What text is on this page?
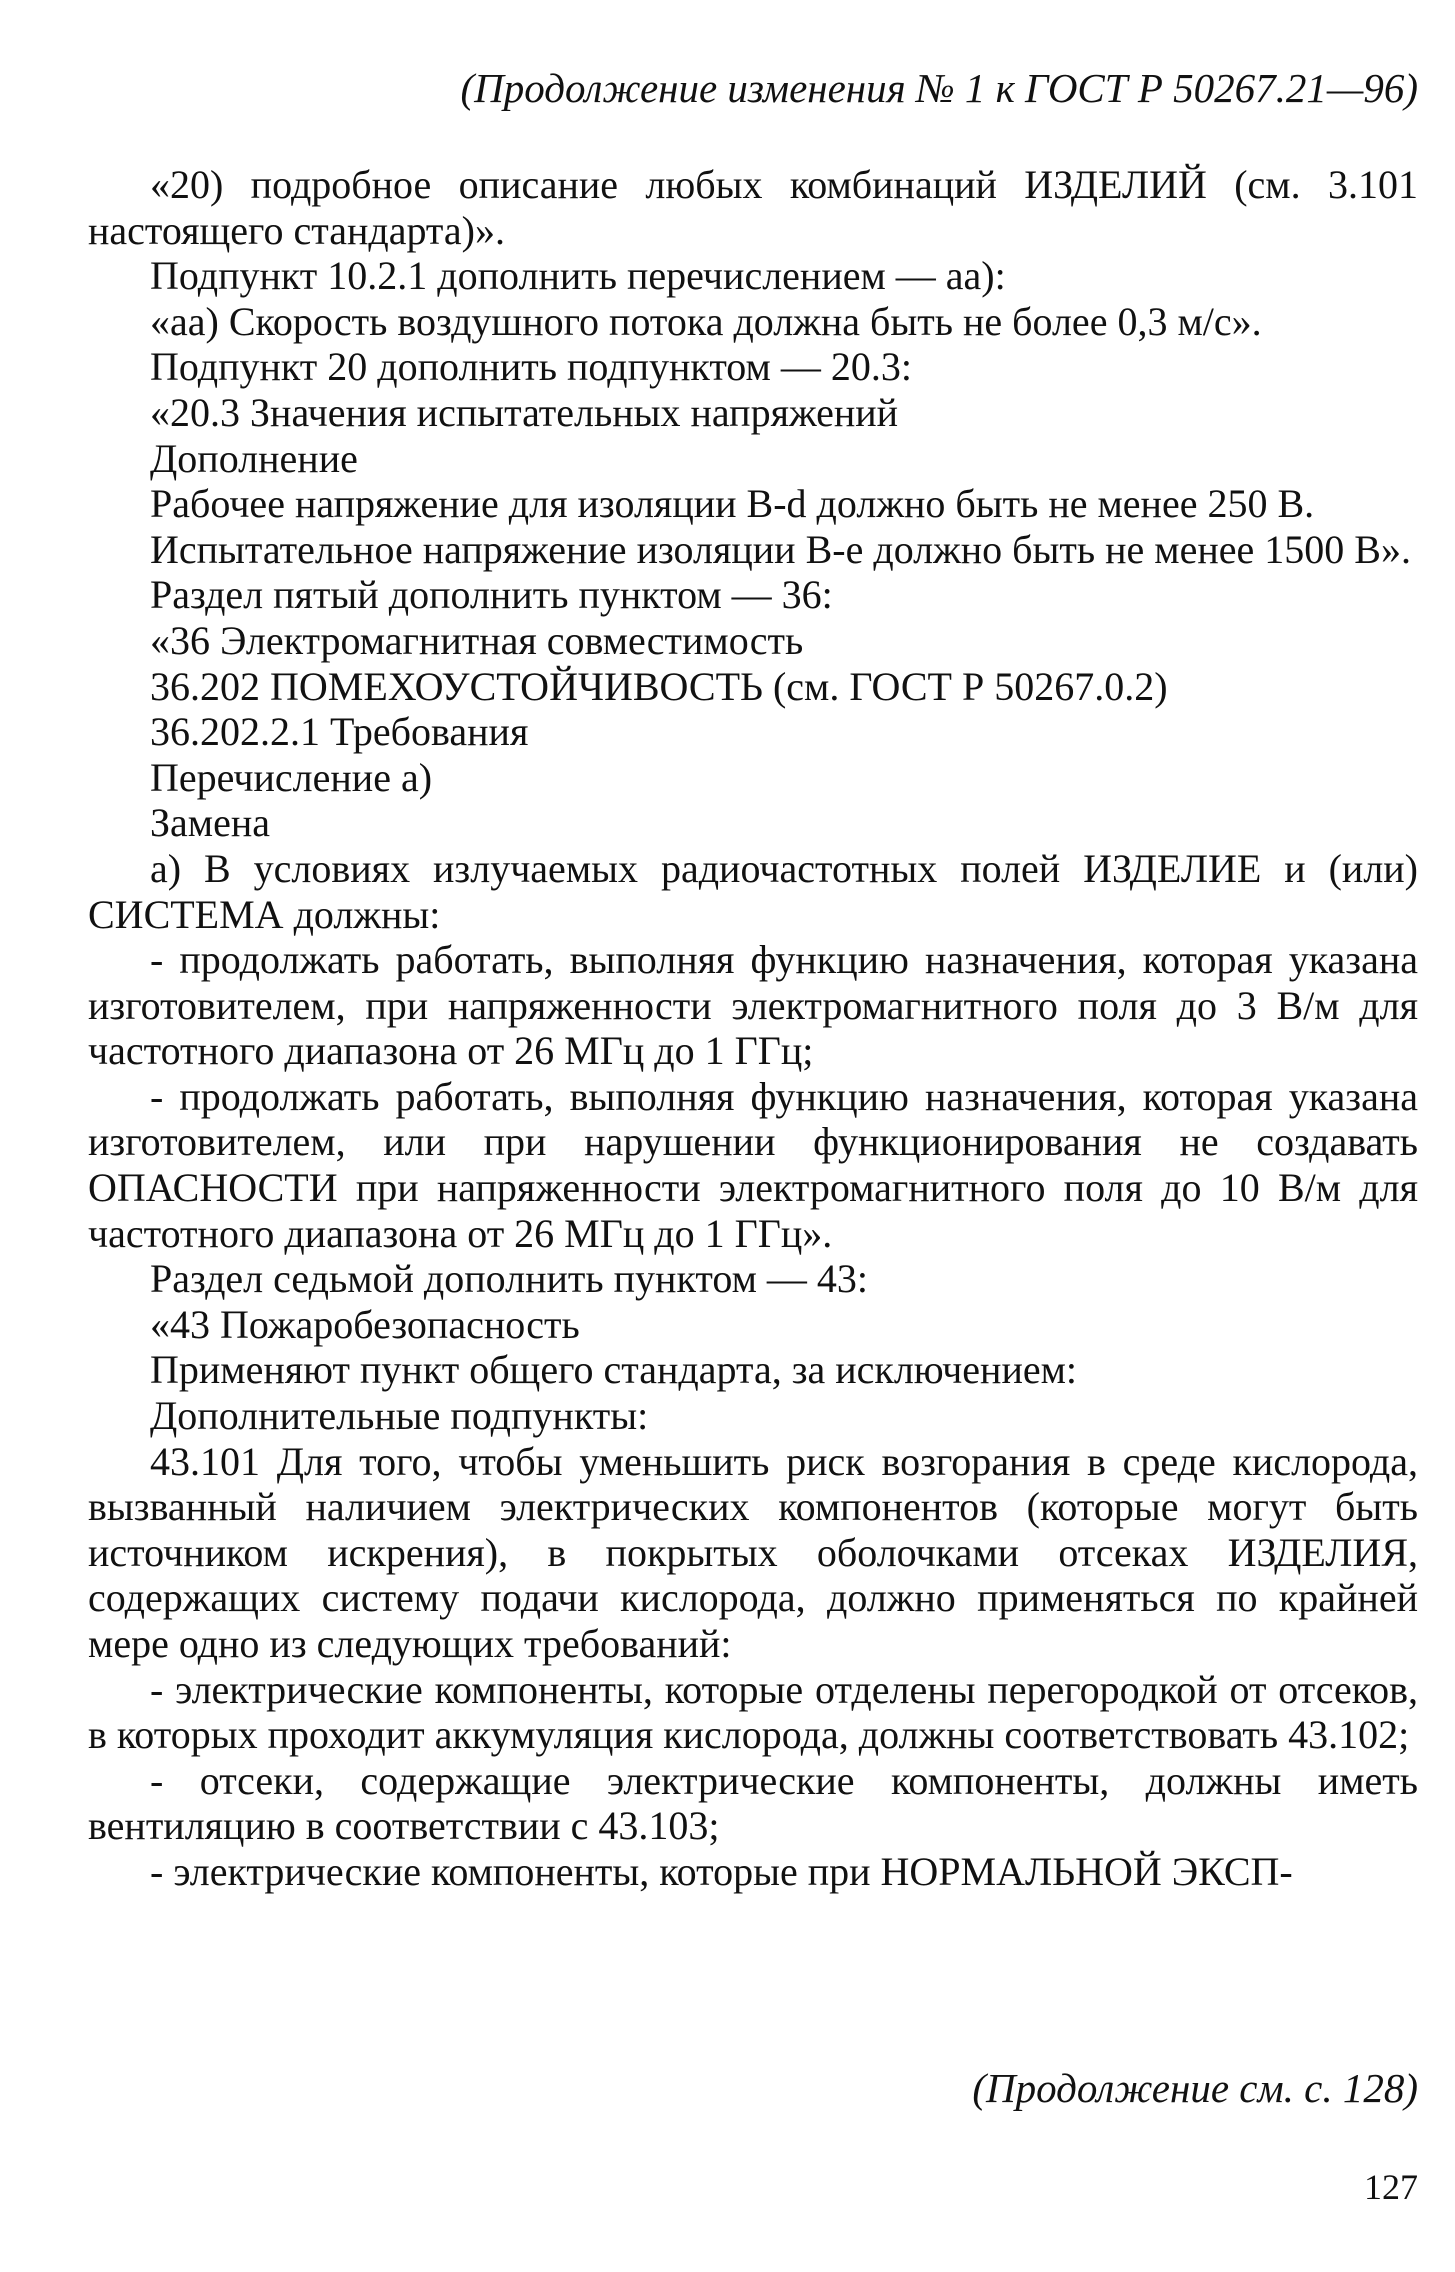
(Продолжение изменения № 1 к ГОСТ Р 50267.21—96)

«20) подробное описание любых комбинаций ИЗДЕЛИЙ (см. 3.101 настоящего стандарта)».

Подпункт 10.2.1 дополнить перечислением — аа):

«аа) Скорость воздушного потока должна быть не более 0,3 м/с».

Подпункт 20 дополнить подпунктом — 20.3:

«20.3 Значения испытательных напряжений

Дополнение

Рабочее напряжение для изоляции B-d должно быть не менее 250 В.

Испытательное напряжение изоляции В-е должно быть не менее 1500 В».

Раздел пятый дополнить пунктом — 36:

«36 Электромагнитная совместимость

36.202 ПОМЕХОУСТОЙЧИВОСТЬ (см. ГОСТ Р 50267.0.2)

36.202.2.1 Требования

Перечисление а)

Замена

а) В условиях излучаемых радиочастотных полей ИЗДЕЛИЕ и (или) СИСТЕМА должны:

- продолжать работать, выполняя функцию назначения, которая указана изготовителем, при напряженности электромагнитного поля до 3 В/м для частотного диапазона от 26 МГц до 1 ГГц;

- продолжать работать, выполняя функцию назначения, которая указана изготовителем, или при нарушении функционирования не создавать ОПАСНОСТИ при напряженности электромагнитного поля до 10 В/м для частотного диапазона от 26 МГц до 1 ГГц».

Раздел седьмой дополнить пунктом — 43:

«43 Пожаробезопасность

Применяют пункт общего стандарта, за исключением:

Дополнительные подпункты:

43.101 Для того, чтобы уменьшить риск возгорания в среде кислорода, вызванный наличием электрических компонентов (которые могут быть источником искрения), в покрытых оболочками отсеках ИЗДЕЛИЯ, содержащих систему подачи кислорода, должно применяться по крайней мере одно из следующих требований:

- электрические компоненты, которые отделены перегородкой от отсеков, в которых проходит аккумуляция кислорода, должны соответствовать 43.102;

- отсеки, содержащие электрические компоненты, должны иметь вентиляцию в соответствии с 43.103;

- электрические компоненты, которые при НОРМАЛЬНОЙ ЭКСП-

(Продолжение см. с. 128)
127
